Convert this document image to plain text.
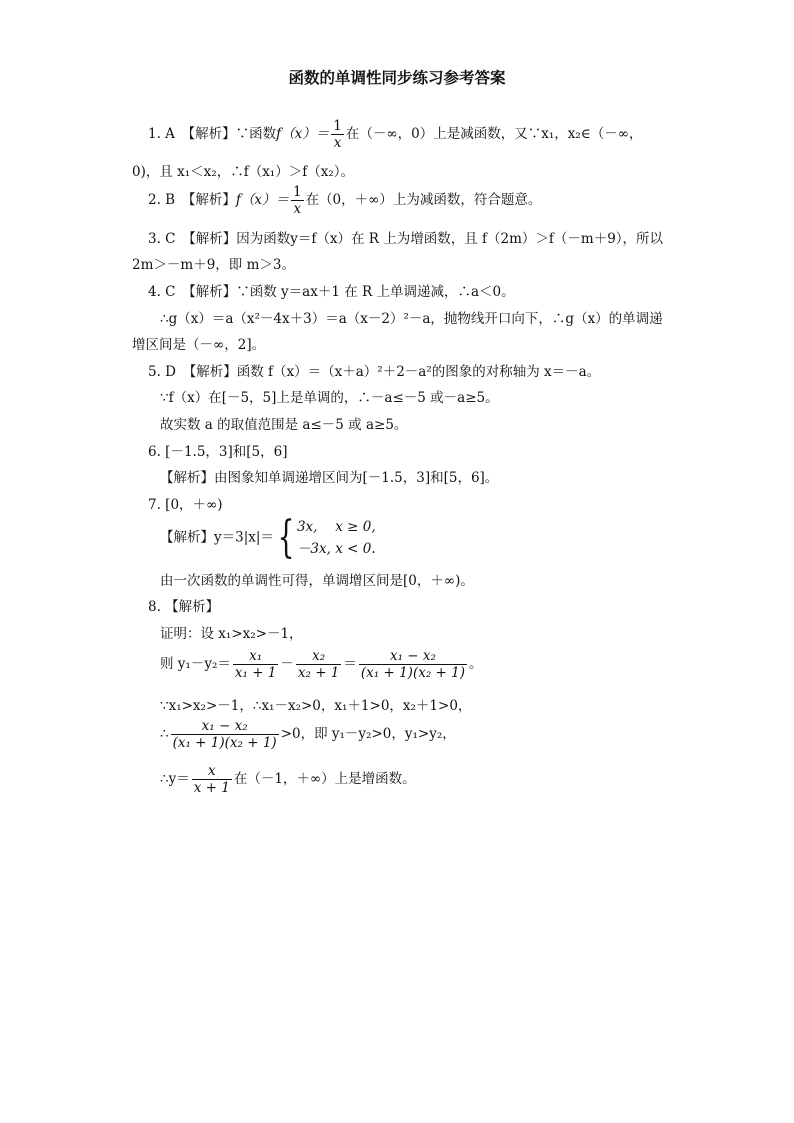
函数的单调性同步练习参考答案
1. A　【解析】∵函数$f(x)= \frac{1}{x}$ 在（－∞，0）上是减函数，又∵x₁，x₂∈（－∞，
0)，且 x₁＜x₂，∴f（x₁）＞f（x₂）。
2. B　【解析】$f(x)= \frac{1}{x}$ 在（0，＋∞）上为减函数，符合题意。
3. C　【解析】因为函数y＝f（x）在 R 上为增函数，且 f（2m）＞f（－m＋9），所以
2m＞－m＋9，即 m＞3。
4. C　【解析】∵函数 y＝ax＋1 在 R 上单调递减，∴a＜0。
∴g（x）＝a（x²－4x＋3）＝a（x－2）²－a，抛物线开口向下，∴g（x）的单调递
增区间是（－∞，2]。
5. D　【解析】函数 f（x）＝（x＋a）²＋2－a²的图象的对称轴为 x＝－a。
∵f（x）在[－5，5]上是单调的，∴－a≤－5 或－a≥5。
故实数 a 的取值范围是 a≤－5 或 a≥5。
6. [－1.5，3]和[5，6]
【解析】由图象知单调递增区间为[－1.5，3]和[5，6]。
7. [0，＋∞)
【解析】y＝3|x|＝{ 3x,　 x ≥ 0,
－3x, x < 0.
由一次函数的单调性可得，单调增区间是[0，＋∞)。
8. 【解析】
证明：设 x₁>x₂>－1，
则 $y_1-y_2= \frac{\text{x₁}}{\text{x₁ + 1}} - \frac{\text{x₂}}{\text{x₂ + 1}} = \frac{\text{x₁ − x₂}}{\text{(x₁ + 1)(x₂ + 1)}}$ 。
∵x₁>x₂>－1，∴x₁－x₂>0，x₁＋1>0，x₂＋1>0，
∴ $\frac{\text{x₁ − x₂}}{\text{(x₁ + 1)(x₂ + 1)}} >0$，即 y₁－y₂>0，y₁>y₂，
∴y＝ $\frac{x}{x + 1}$ 在（－1，＋∞）上是增函数。
